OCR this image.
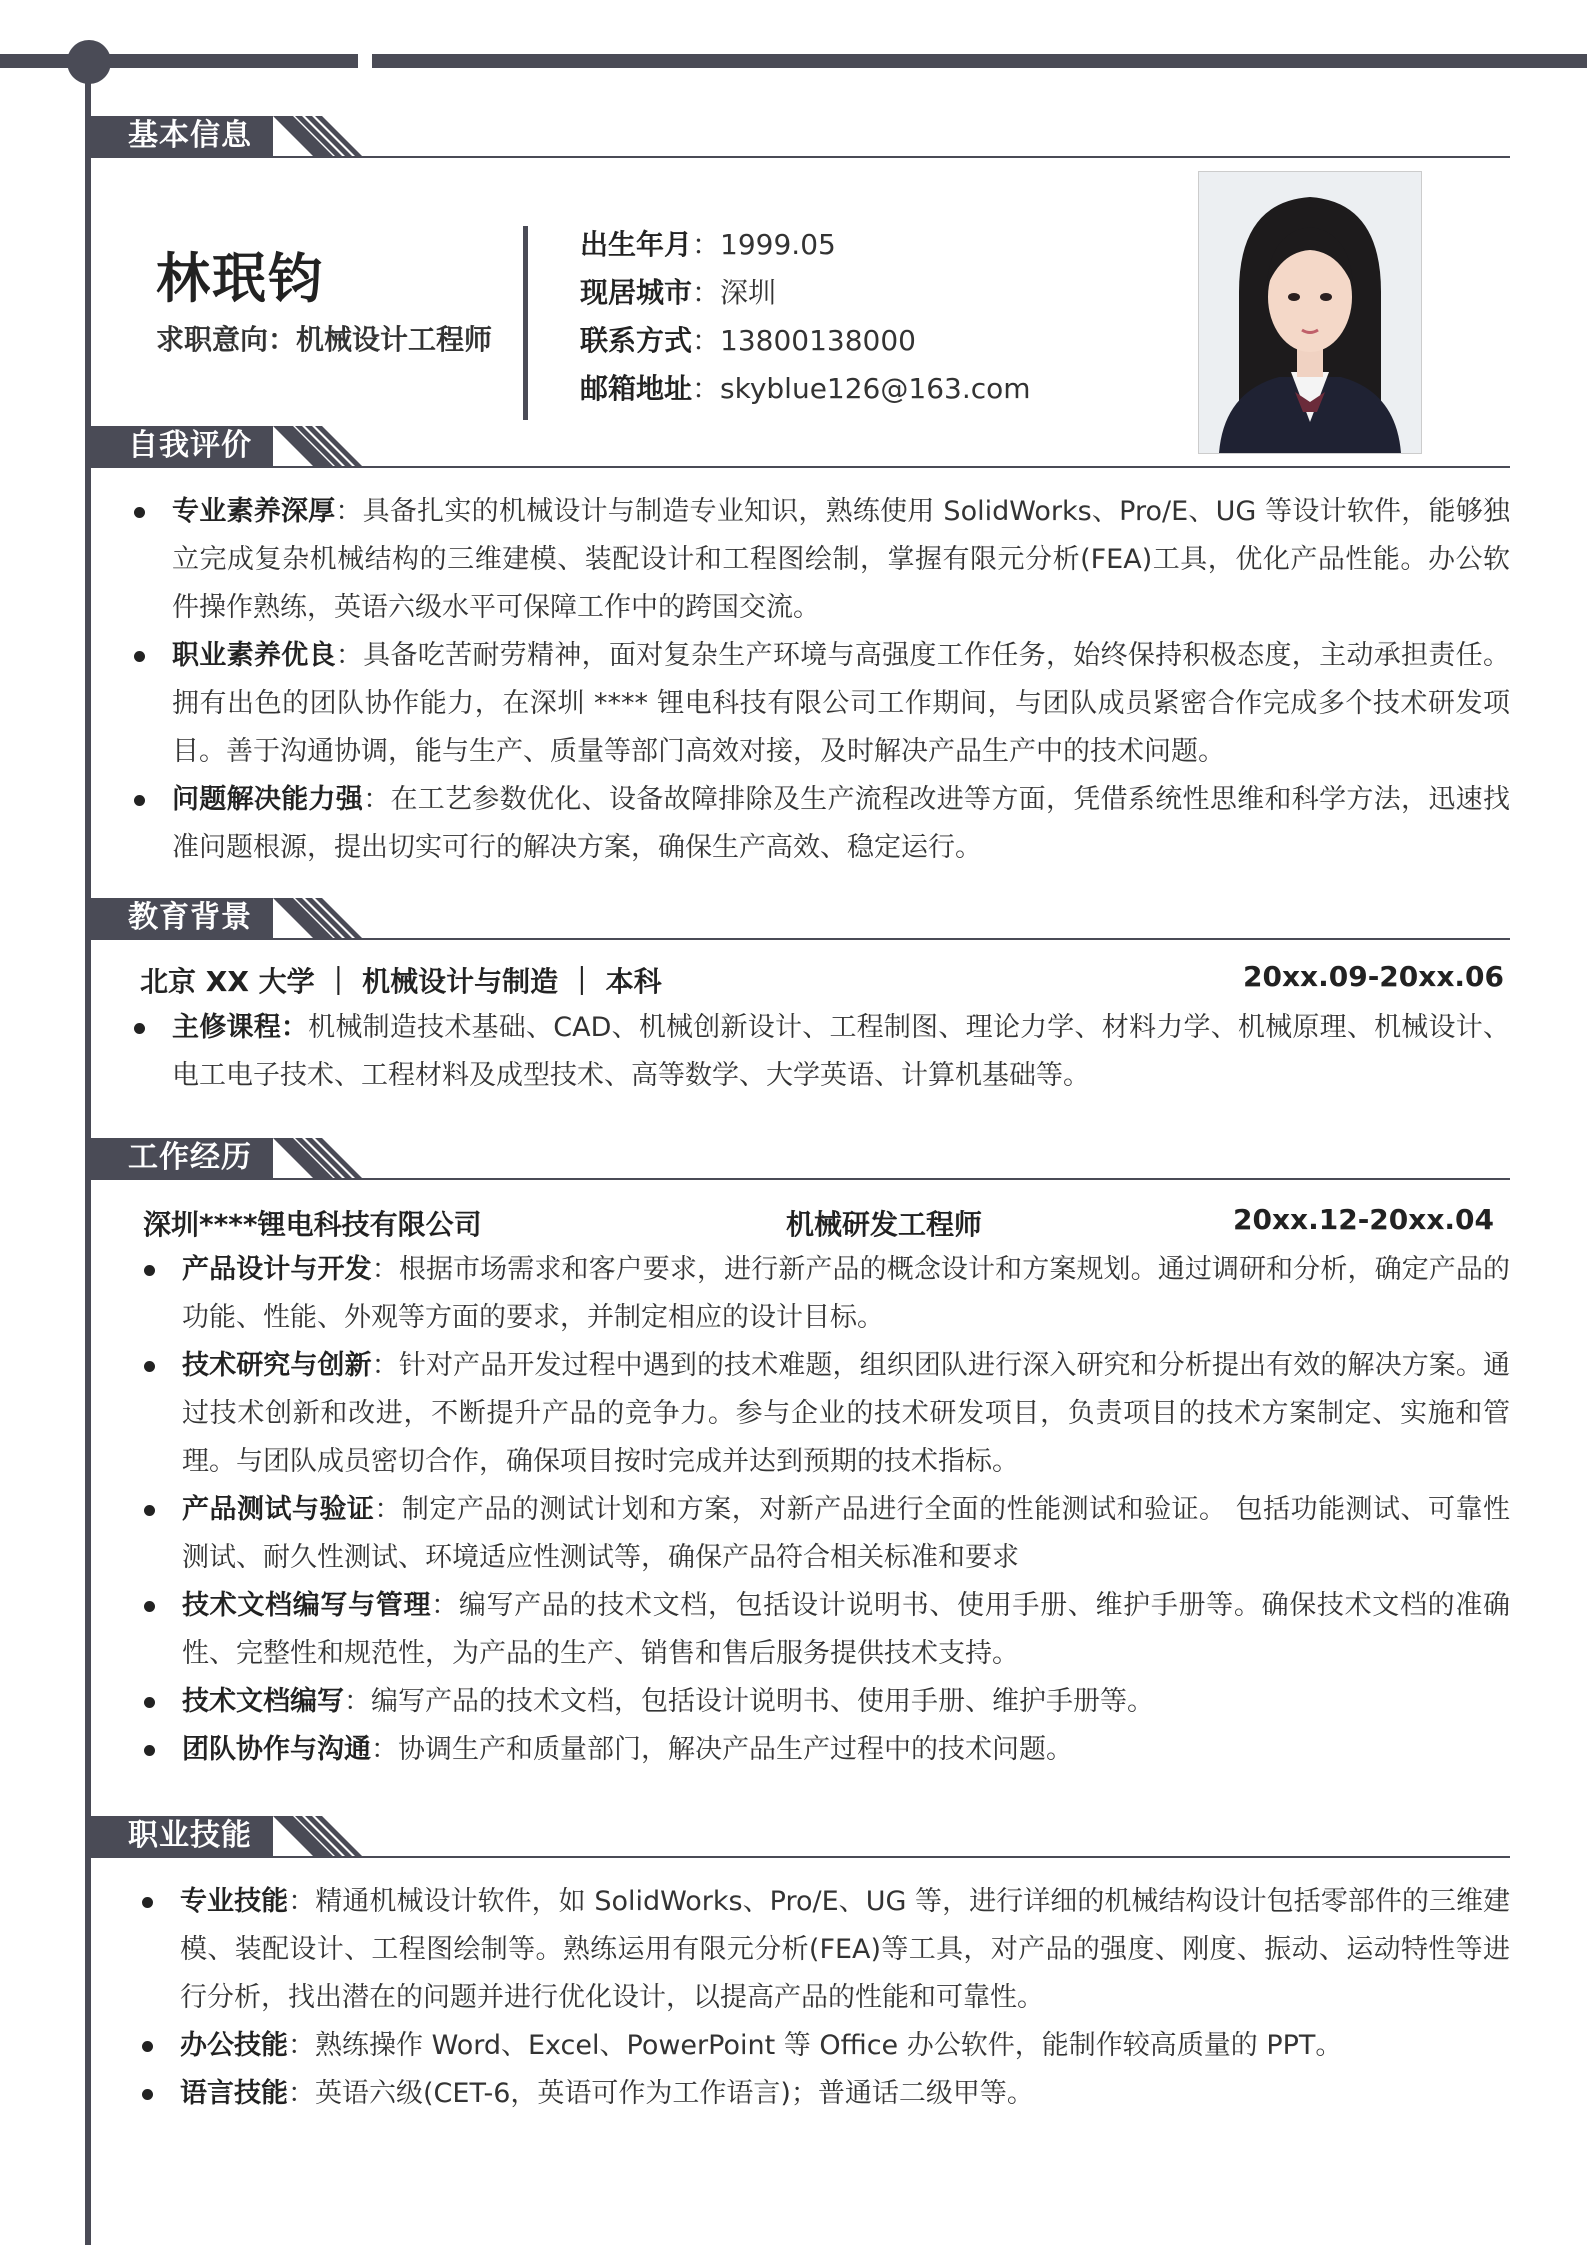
基本信息
林珉钧
求职意向：机械设计工程师
出生年月：1999.05
现居城市：深圳
联系方式：13800138000
邮箱地址：skyblue126@163.com
自我评价
专业素养深厚：具备扎实的机械设计与制造专业知识，熟练使用 SolidWorks、Pro/E、UG 等设计软件，能够独立完成复杂机械结构的三维建模、装配设计和工程图绘制，掌握有限元分析(FEA)工具，优化产品性能。办公软件操作熟练，英语六级水平可保障工作中的跨国交流。
职业素养优良：具备吃苦耐劳精神，面对复杂生产环境与高强度工作任务，始终保持积极态度，主动承担责任。拥有出色的团队协作能力，在深圳 **** 锂电科技有限公司工作期间，与团队成员紧密合作完成多个技术研发项目。善于沟通协调，能与生产、质量等部门高效对接，及时解决产品生产中的技术问题。
问题解决能力强：在工艺参数优化、设备故障排除及生产流程改进等方面，凭借系统性思维和科学方法，迅速找准问题根源，提出切实可行的解决方案，确保生产高效、稳定运行。
教育背景
北京 XX 大学 ｜ 机械设计与制造 ｜ 本科	20xx.09-20xx.06
主修课程：机械制造技术基础、CAD、机械创新设计、工程制图、理论力学、材料力学、机械原理、机械设计、电工电子技术、工程材料及成型技术、高等数学、大学英语、计算机基础等。
工作经历
深圳****锂电科技有限公司	机械研发工程师	20xx.12-20xx.04
产品设计与开发：根据市场需求和客户要求，进行新产品的概念设计和方案规划。通过调研和分析，确定产品的功能、性能、外观等方面的要求，并制定相应的设计目标。
技术研究与创新：针对产品开发过程中遇到的技术难题，组织团队进行深入研究和分析提出有效的解决方案。通过技术创新和改进，不断提升产品的竞争力。参与企业的技术研发项目，负责项目的技术方案制定、实施和管理。与团队成员密切合作，确保项目按时完成并达到预期的技术指标。
产品测试与验证：制定产品的测试计划和方案，对新产品进行全面的性能测试和验证。 包括功能测试、可靠性测试、耐久性测试、环境适应性测试等，确保产品符合相关标准和要求
技术文档编写与管理：编写产品的技术文档，包括设计说明书、使用手册、维护手册等。确保技术文档的准确性、完整性和规范性，为产品的生产、销售和售后服务提供技术支持。
技术文档编写：编写产品的技术文档，包括设计说明书、使用手册、维护手册等。
团队协作与沟通：协调生产和质量部门，解决产品生产过程中的技术问题。
职业技能
专业技能：精通机械设计软件，如 SolidWorks、Pro/E、UG 等，进行详细的机械结构设计包括零部件的三维建模、装配设计、工程图绘制等。熟练运用有限元分析(FEA)等工具，对产品的强度、刚度、振动、运动特性等进行分析，找出潜在的问题并进行优化设计，以提高产品的性能和可靠性。
办公技能：熟练操作 Word、Excel、PowerPoint 等 Office 办公软件，能制作较高质量的 PPT。
语言技能：英语六级(CET-6，英语可作为工作语言)；普通话二级甲等。
